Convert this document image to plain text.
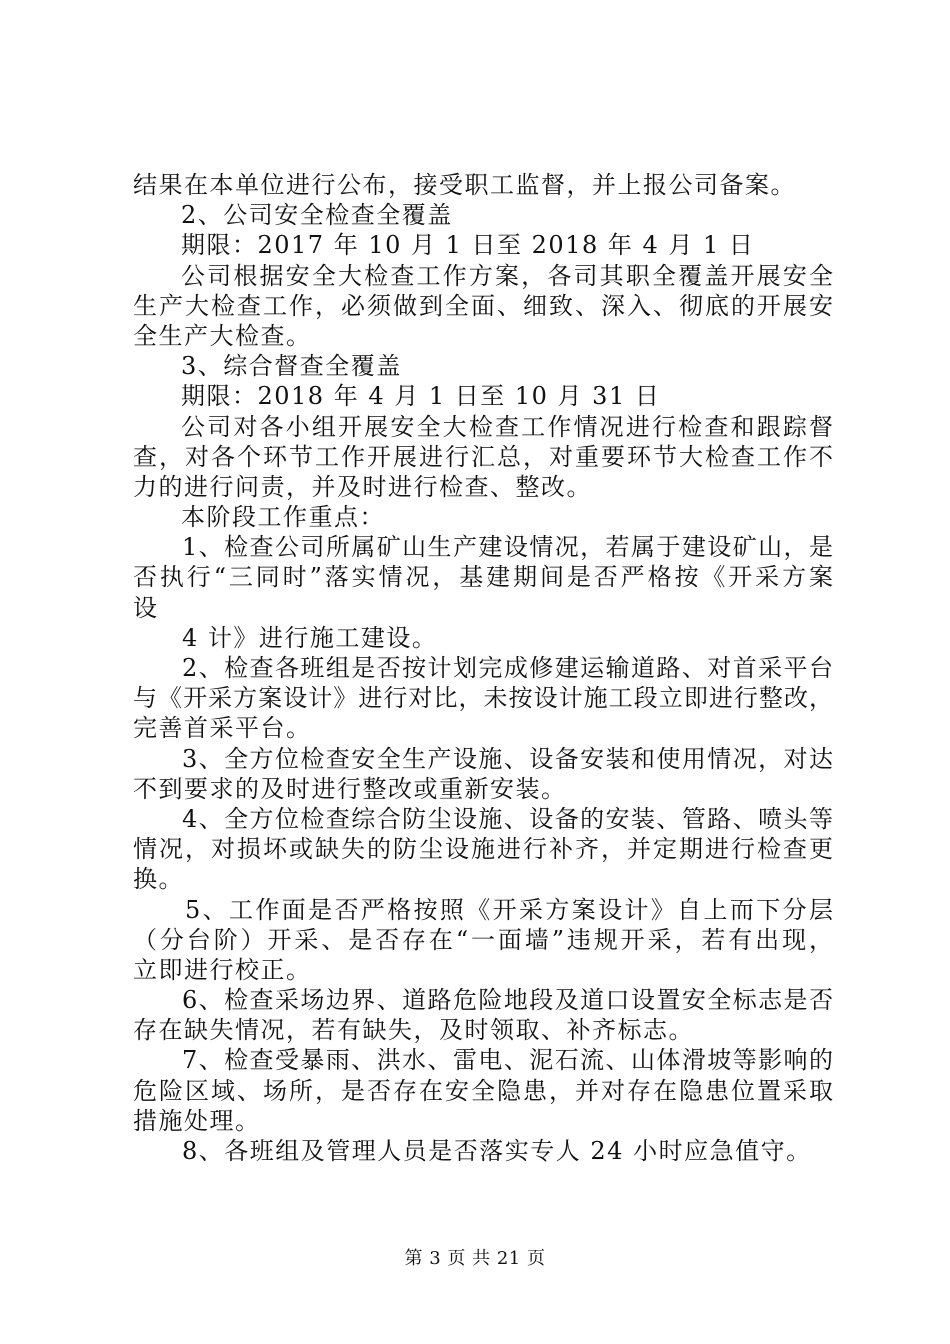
结果在本单位进行公布，接受职工监督，并上报公司备案。
2、公司安全检查全覆盖
期限：2017 年 10 月 1 日至 2018 年 4 月 1 日
公司根据安全大检查工作方案，各司其职全覆盖开展安全
生产大检查工作，必须做到全面、细致、深入、彻底的开展安
全生产大检查。
3、综合督查全覆盖
期限：2018 年 4 月 1 日至 10 月 31 日
公司对各小组开展安全大检查工作情况进行检查和跟踪督
查，对各个环节工作开展进行汇总，对重要环节大检查工作不
力的进行问责，并及时进行检查、整改。
本阶段工作重点：
1、检查公司所属矿山生产建设情况，若属于建设矿山，是
否执行“三同时”落实情况，基建期间是否严格按《开采方案
设
4 计》进行施工建设。
2、检查各班组是否按计划完成修建运输道路、对首采平台
与《开采方案设计》进行对比，未按设计施工段立即进行整改，
完善首采平台。
3、全方位检查安全生产设施、设备安装和使用情况，对达
不到要求的及时进行整改或重新安装。
4、全方位检查综合防尘设施、设备的安装、管路、喷头等
情况，对损坏或缺失的防尘设施进行补齐，并定期进行检查更
换。
5、工作面是否严格按照《开采方案设计》自上而下分层
（分台阶）开采、是否存在“一面墙”违规开采，若有出现，
立即进行校正。
6、检查采场边界、道路危险地段及道口设置安全标志是否
存在缺失情况，若有缺失，及时领取、补齐标志。
7、检查受暴雨、洪水、雷电、泥石流、山体滑坡等影响的
危险区域、场所，是否存在安全隐患，并对存在隐患位置采取
措施处理。
8、各班组及管理人员是否落实专人 24 小时应急值守。
第 3 页 共 21 页
